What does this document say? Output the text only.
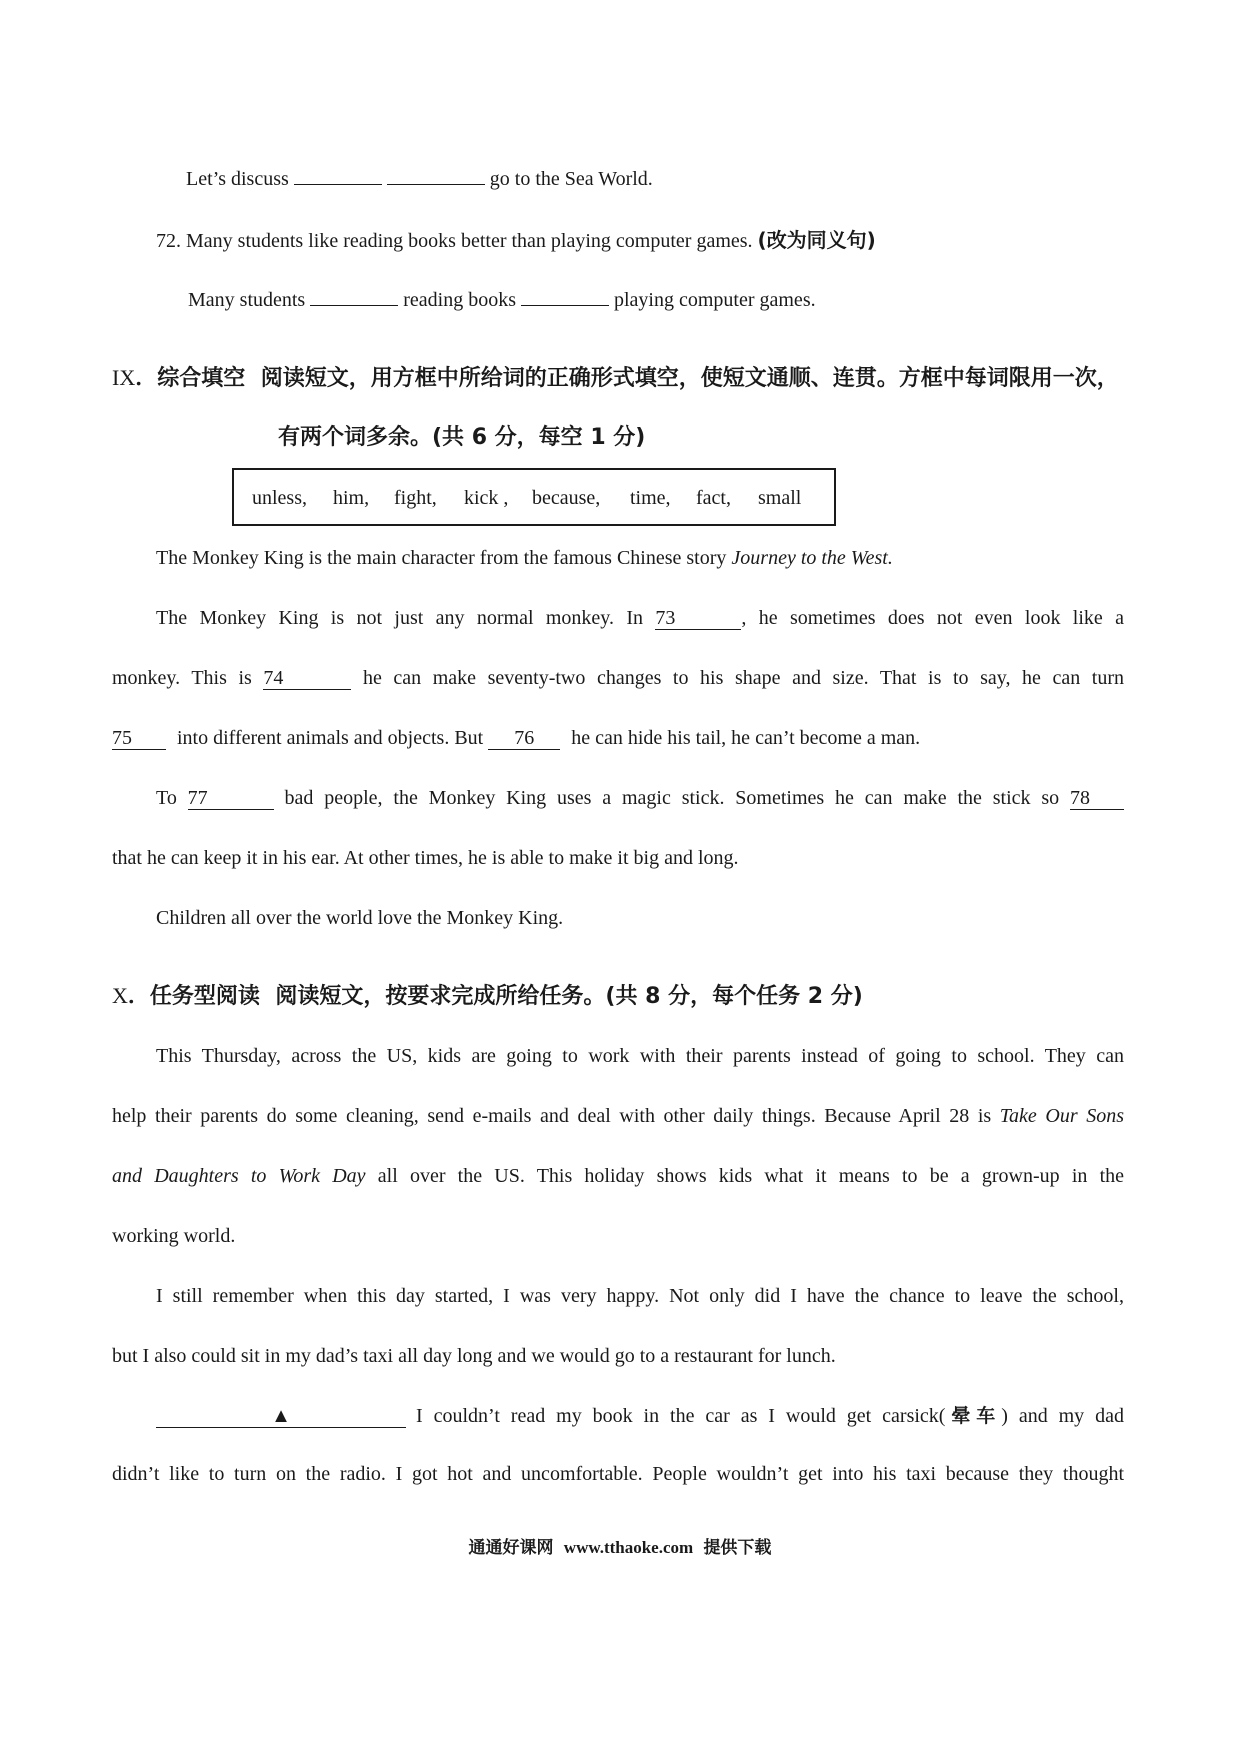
Let’s discuss	go to the Sea World.
72. Many students like reading books better than playing computer games. (改为同义句)
Many students	reading books	playing computer games.
IX．综合填空 阅读短文，用方框中所给词的正确形式填空，使短文通顺、连贯。方框中每词限用一次，
有两个词多余。(共 6 分，每空 1 分)
unless, him, fight, kick , because, time, fact, small
The Monkey King is the main character from the famous Chinese story Journey to the West.
The Monkey King is not just any normal monkey. In 73	, he sometimes does not even look like a
monkey. This is 74	he can make seventy-two changes to his shape and size. That is to say, he can turn
75 into different animals and objects. But 76 he can hide his tail, he can’t become a man.
To 77	bad people, the Monkey King uses a magic stick. Sometimes he can make the stick so 78
that he can keep it in his ear. At other times, he is able to make it big and long.
Children all over the world love the Monkey King.
X．任务型阅读 阅读短文，按要求完成所给任务。(共 8 分，每个任务 2 分)
This Thursday, across the US, kids are going to work with their parents instead of going to school. They can
help their parents do some cleaning, send e-mails and deal with other daily things. Because April 28 is Take Our Sons
and Daughters to Work Day all over the US. This holiday shows kids what it means to be a grown-up in the
working world.
I still remember when this day started, I was very happy. Not only did I have the chance to leave the school,
but I also could sit in my dad’s taxi all day long and we would go to a restaurant for lunch.
▲	I couldn’t read my book in the car as I would get carsick(晕车) and my dad
didn’t like to turn on the radio. I got hot and uncomfortable. People wouldn’t get into his taxi because they thought
通通好课网 www.tthaoke.com 提供下载
